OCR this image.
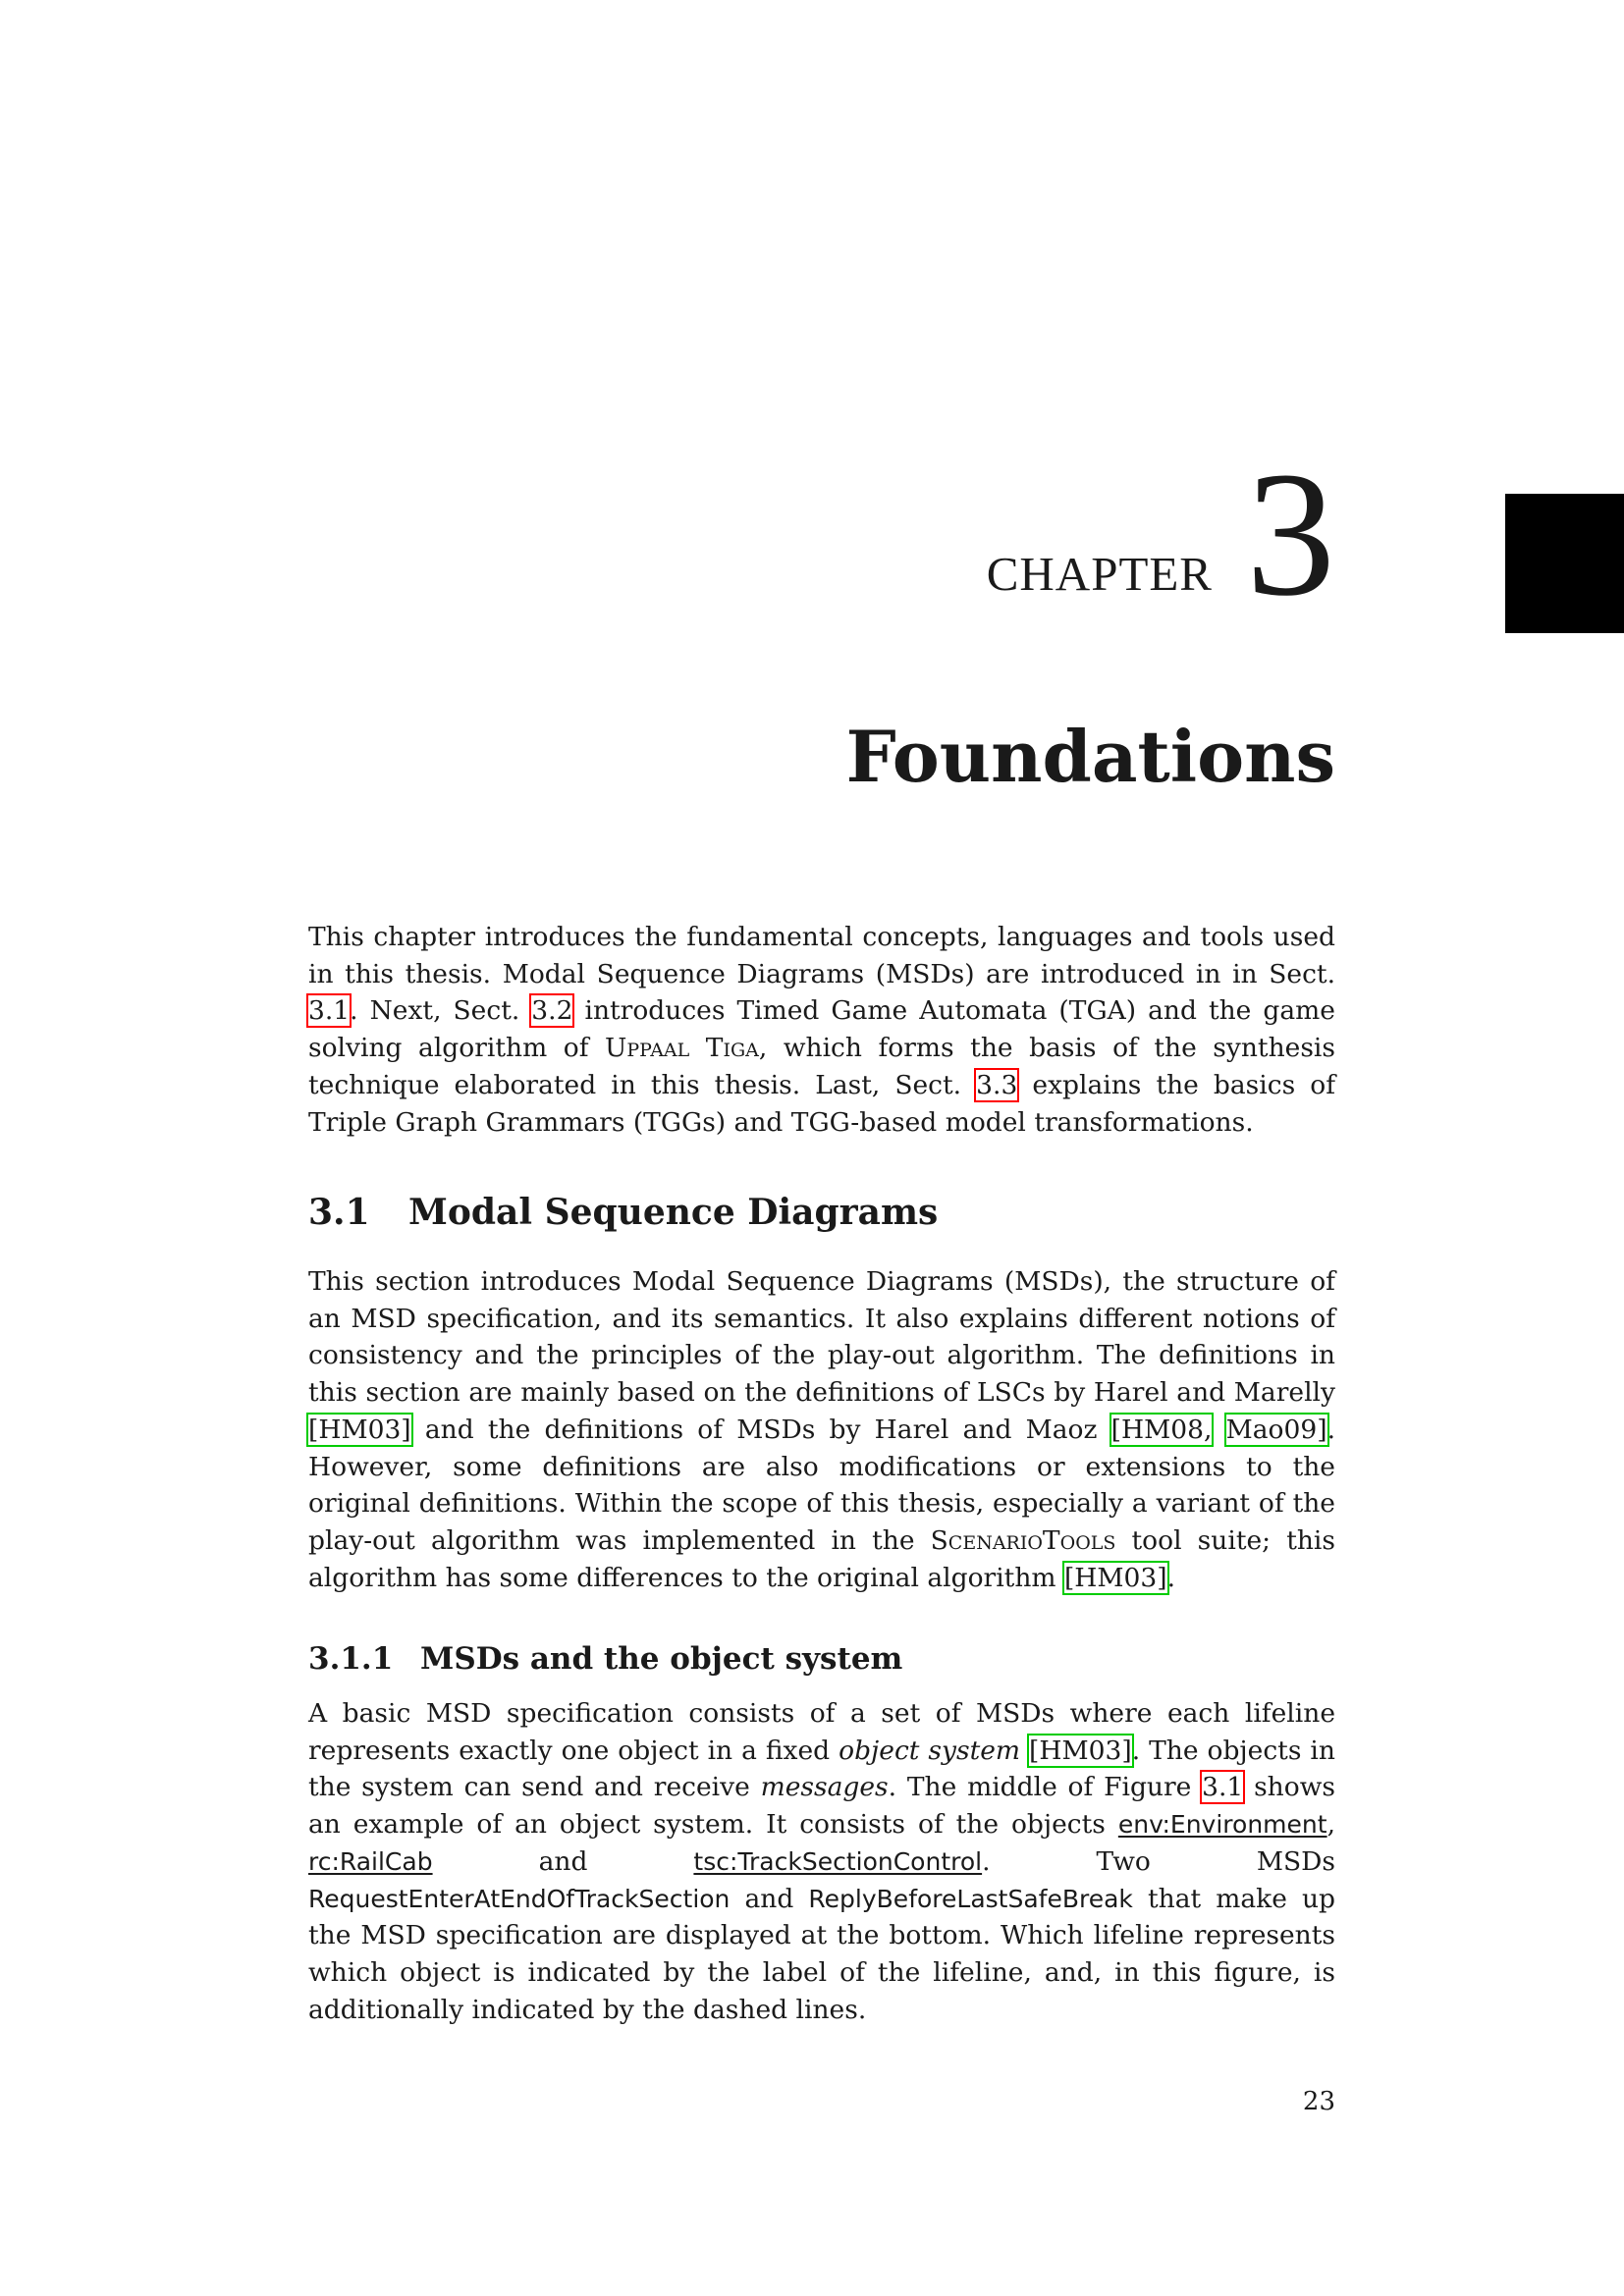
CHAPTER 3
Foundations

This chapter introduces the fundamental concepts, languages and tools used in this thesis. Modal Sequence Diagrams (MSDs) are introduced in in Sect. 3.1. Next, Sect. 3.2 introduces Timed Game Automata (TGA) and the game solving algorithm of Uppaal Tiga, which forms the basis of the synthesis technique elaborated in this thesis. Last, Sect. 3.3 explains the basics of Triple Graph Grammars (TGGs) and TGG-based model transformations.

3.1 Modal Sequence Diagrams

This section introduces Modal Sequence Diagrams (MSDs), the structure of an MSD specification, and its semantics. It also explains different notions of consistency and the principles of the play-out algorithm. The definitions in this section are mainly based on the definitions of LSCs by Harel and Marelly [HM03] and the definitions of MSDs by Harel and Maoz [HM08, Mao09]. However, some definitions are also modifications or extensions to the original definitions. Within the scope of this thesis, especially a variant of the play-out algorithm was implemented in the ScenarioTools tool suite; this algorithm has some differences to the original algorithm [HM03].

3.1.1 MSDs and the object system

A basic MSD specification consists of a set of MSDs where each lifeline represents exactly one object in a fixed object system [HM03]. The objects in the system can send and receive messages. The middle of Figure 3.1 shows an example of an object system. It consists of the objects env:Environment, rc:RailCab	and	tsc:TrackSectionControl. Two MSDs RequestEnterAtEndOfTrackSection and ReplyBeforeLastSafeBreak that make up the MSD specification are displayed at the bottom. Which lifeline represents which object is indicated by the label of the lifeline, and, in this figure, is additionally indicated by the dashed lines.

23
